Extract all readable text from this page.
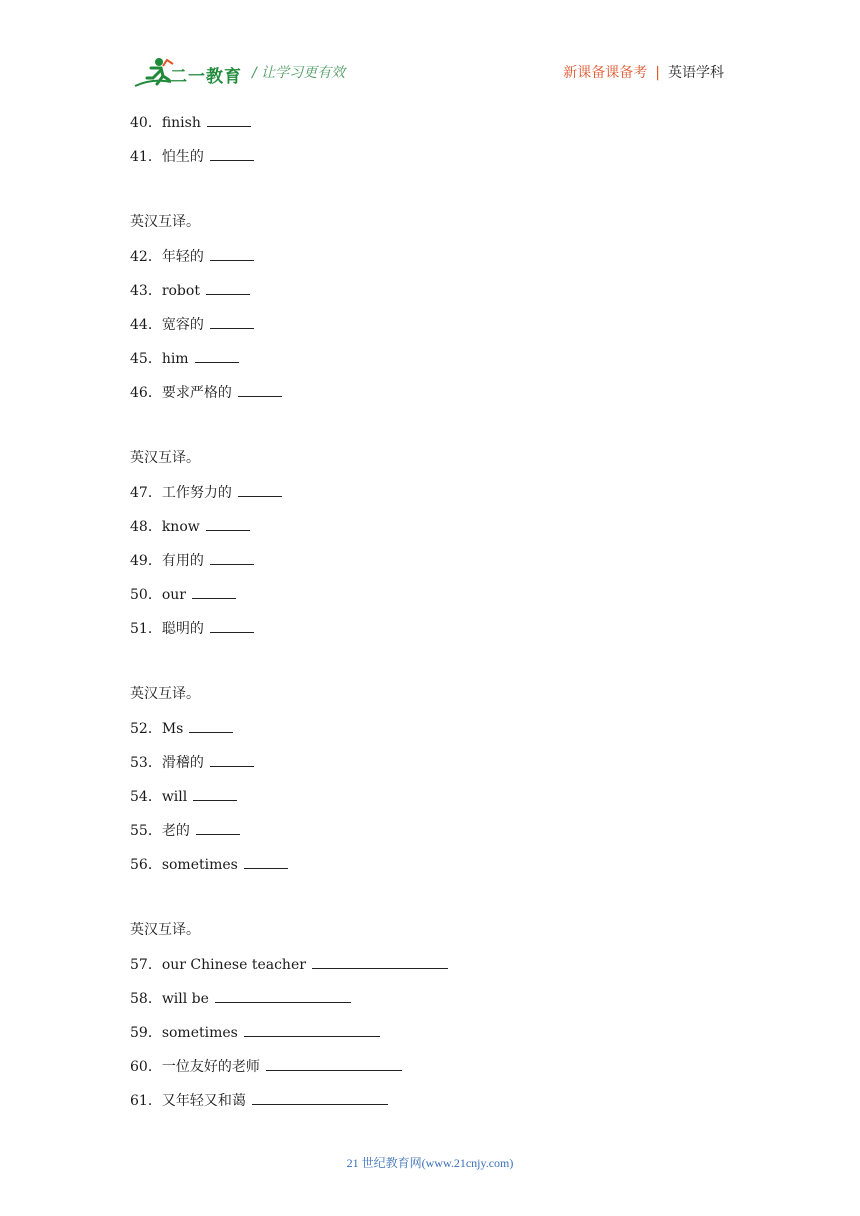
二一教育 / 让学习更有效	新课备课备考 | 英语学科
40．finish
41．怕生的
英汉互译。
42．年轻的
43．robot
44．宽容的
45．him
46．要求严格的
英汉互译。
47．工作努力的
48．know
49．有用的
50．our
51．聪明的
英汉互译。
52．Ms
53．滑稽的
54．will
55．老的
56．sometimes
英汉互译。
57．our Chinese teacher
58．will be
59．sometimes
60．一位友好的老师
61．又年轻又和蔼
21 世纪教育网(www.21cnjy.com)
